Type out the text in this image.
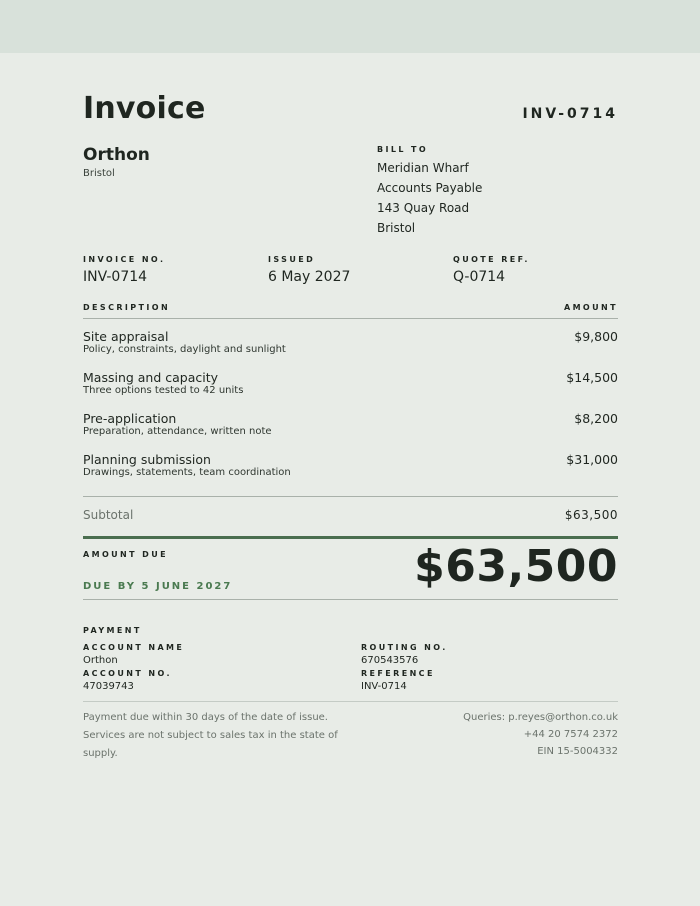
Invoice	INV-0714
Orthon
Bristol
BILL TO
Meridian Wharf
Accounts Payable
143 Quay Road
Bristol
INVOICE NO.
INV-0714
ISSUED
6 May 2027
QUOTE REF.
Q-0714
DESCRIPTION	AMOUNT
Site appraisal
Policy, constraints, daylight and sunlight
$9,800
Massing and capacity
Three options tested to 42 units
$14,500
Pre-application
Preparation, attendance, written note
$8,200
Planning submission
Drawings, statements, team coordination
$31,000
Subtotal	$63,500
AMOUNT DUE
DUE BY 5 JUNE 2027	$63,500
PAYMENT
ACCOUNT NAME
Orthon
ROUTING NO.
670543576
ACCOUNT NO.
47039743
REFERENCE
INV-0714
Payment due within 30 days of the date of issue. Services are not subject to sales tax in the state of supply.
Queries: p.reyes@orthon.co.uk
+44 20 7574 2372
EIN 15-5004332
